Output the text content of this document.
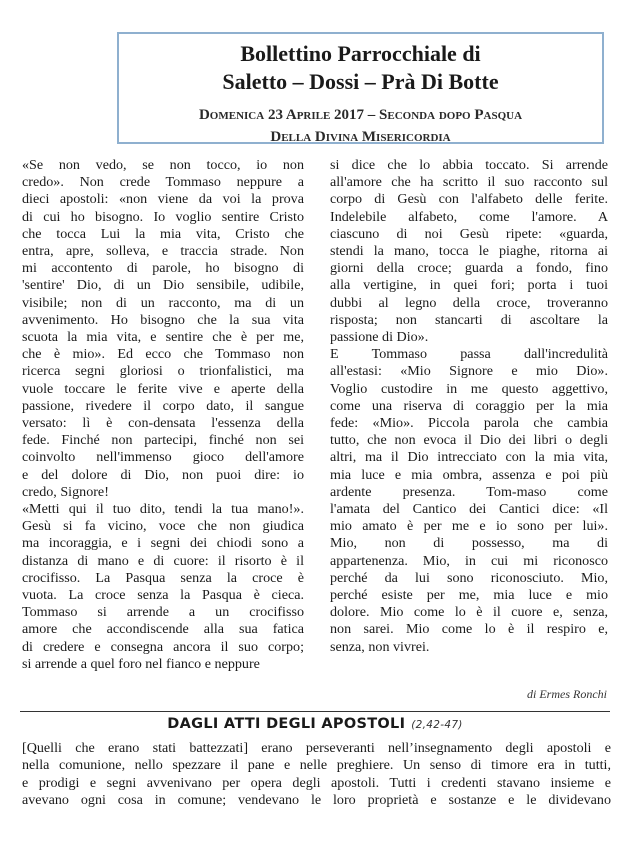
Bollettino Parrocchiale di
Saletto – Dossi – Prà Di Botte
Domenica 23 Aprile 2017 – Seconda dopo Pasqua
Della Divina Misericordia
«Se non vedo, se non tocco, io non
credo». Non crede Tommaso neppure a
dieci apostoli: «non viene da voi la prova
di cui ho bisogno. Io voglio sentire Cristo
che tocca Lui la mia vita, Cristo che
entra, apre, solleva, e traccia strade. Non
mi accontento di parole, ho bisogno di
'sentire' Dio, di un Dio sensibile, udibile,
visibile; non di un racconto, ma di un
avvenimento. Ho bisogno che la sua vita
scuota la mia vita, e sentire che è per me,
che è mio». Ed ecco che Tommaso non
ricerca segni gloriosi o trionfalistici, ma
vuole toccare le ferite vive e aperte della
passione, rivedere il corpo dato, il sangue
versato: lì è con-densata l'essenza della
fede. Finché non partecipi, finché non sei
coinvolto nell'immenso gioco dell'amore
e del dolore di Dio, non puoi dire: io
credo, Signore!
«Metti qui il tuo dito, tendi la tua mano!».
Gesù si fa vicino, voce che non giudica
ma incoraggia, e i segni dei chiodi sono a
distanza di mano e di cuore: il risorto è il
crocifisso. La Pasqua senza la croce è
vuota. La croce senza la Pasqua è cieca.
Tommaso si arrende a un crocifisso
amore che accondiscende alla sua fatica
di credere e consegna ancora il suo corpo;
si arrende a quel foro nel fianco e neppure
si dice che lo abbia toccato. Si arrende
all'amore che ha scritto il suo racconto sul
corpo di Gesù con l'alfabeto delle ferite.
Indelebile alfabeto, come l'amore. A
ciascuno di noi Gesù ripete: «guarda,
stendi la mano, tocca le piaghe, ritorna ai
giorni della croce; guarda a fondo, fino
alla vertigine, in quei fori; porta i tuoi
dubbi al legno della croce, troveranno
risposta; non stancarti di ascoltare la
passione di Dio».
E Tommaso passa dall'incredulità
all'estasi: «Mio Signore e mio Dio».
Voglio custodire in me questo aggettivo,
come una riserva di coraggio per la mia
fede: «Mio». Piccola parola che cambia
tutto, che non evoca il Dio dei libri o degli
altri, ma il Dio intrecciato con la mia vita,
mia luce e mia ombra, assenza e poi più
ardente presenza. Tom-maso come
l'amata del Cantico dei Cantici dice: «Il
mio amato è per me e io sono per lui».
Mio, non di possesso, ma di
appartenenza. Mio, in cui mi riconosco
perché da lui sono riconosciuto. Mio,
perché esiste per me, mia luce e mio
dolore. Mio come lo è il cuore e, senza,
non sarei. Mio come lo è il respiro e,
senza, non vivrei.
di Ermes Ronchi
DAGLI ATTI DEGLI APOSTOLI (2,42-47)
[Quelli che erano stati battezzati] erano perseveranti nell’insegnamento degli apostoli e
nella comunione, nello spezzare il pane e nelle preghiere. Un senso di timore era in tutti,
e prodigi e segni avvenivano per opera degli apostoli. Tutti i credenti stavano insieme e
avevano ogni cosa in comune; vendevano le loro proprietà e sostanze e le dividevano
